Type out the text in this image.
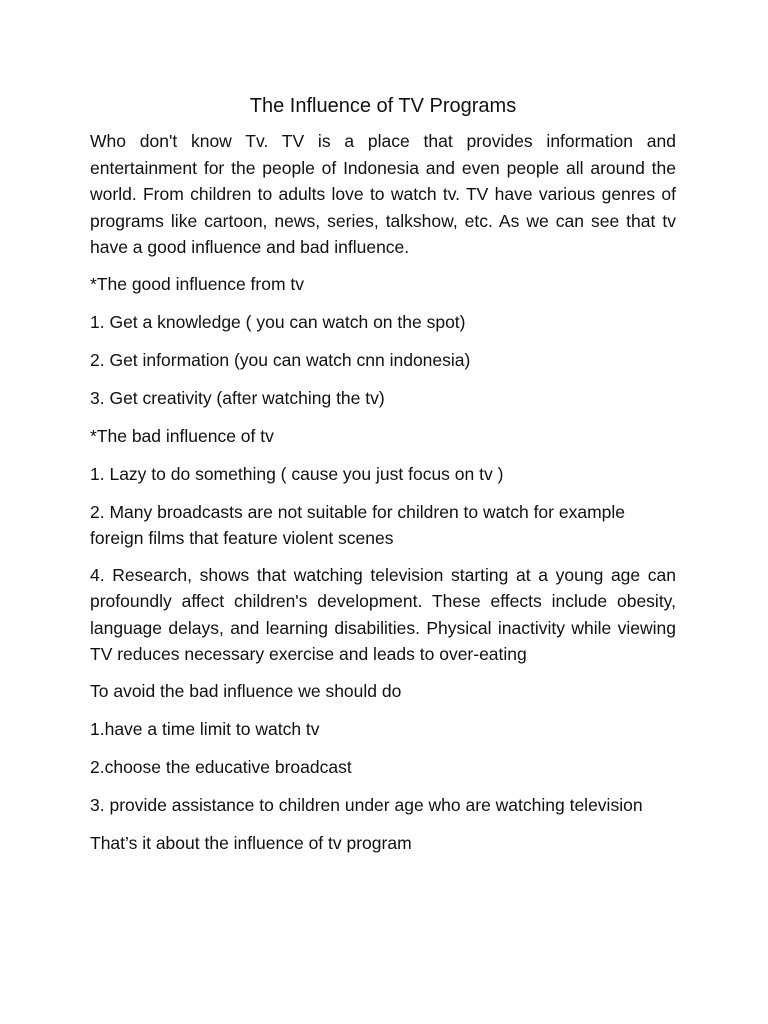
The Influence of TV Programs
Who don't know Tv. TV is a place that provides information and entertainment for the people of Indonesia and even people all around the world. From children to adults love to watch tv. TV have various genres of programs like cartoon, news, series, talkshow, etc. As we can see that tv have a good influence and bad influence.
*The good influence from tv
1. Get a knowledge ( you can watch on the spot)
2. Get information (you can watch cnn indonesia)
3. Get creativity (after watching the tv)
*The bad influence of tv
1. Lazy to do something ( cause you just focus on tv )
2. Many broadcasts are not suitable for children to watch for example foreign films that feature violent scenes
4. Research, shows that watching television starting at a young age can profoundly affect children's development. These effects include obesity, language delays, and learning disabilities. Physical inactivity while viewing TV reduces necessary exercise and leads to over-eating
To avoid the bad influence we should do
1.have a time limit to watch tv
2.choose the educative broadcast
3. provide assistance to children under age who are watching television
That’s it about the influence of tv program
